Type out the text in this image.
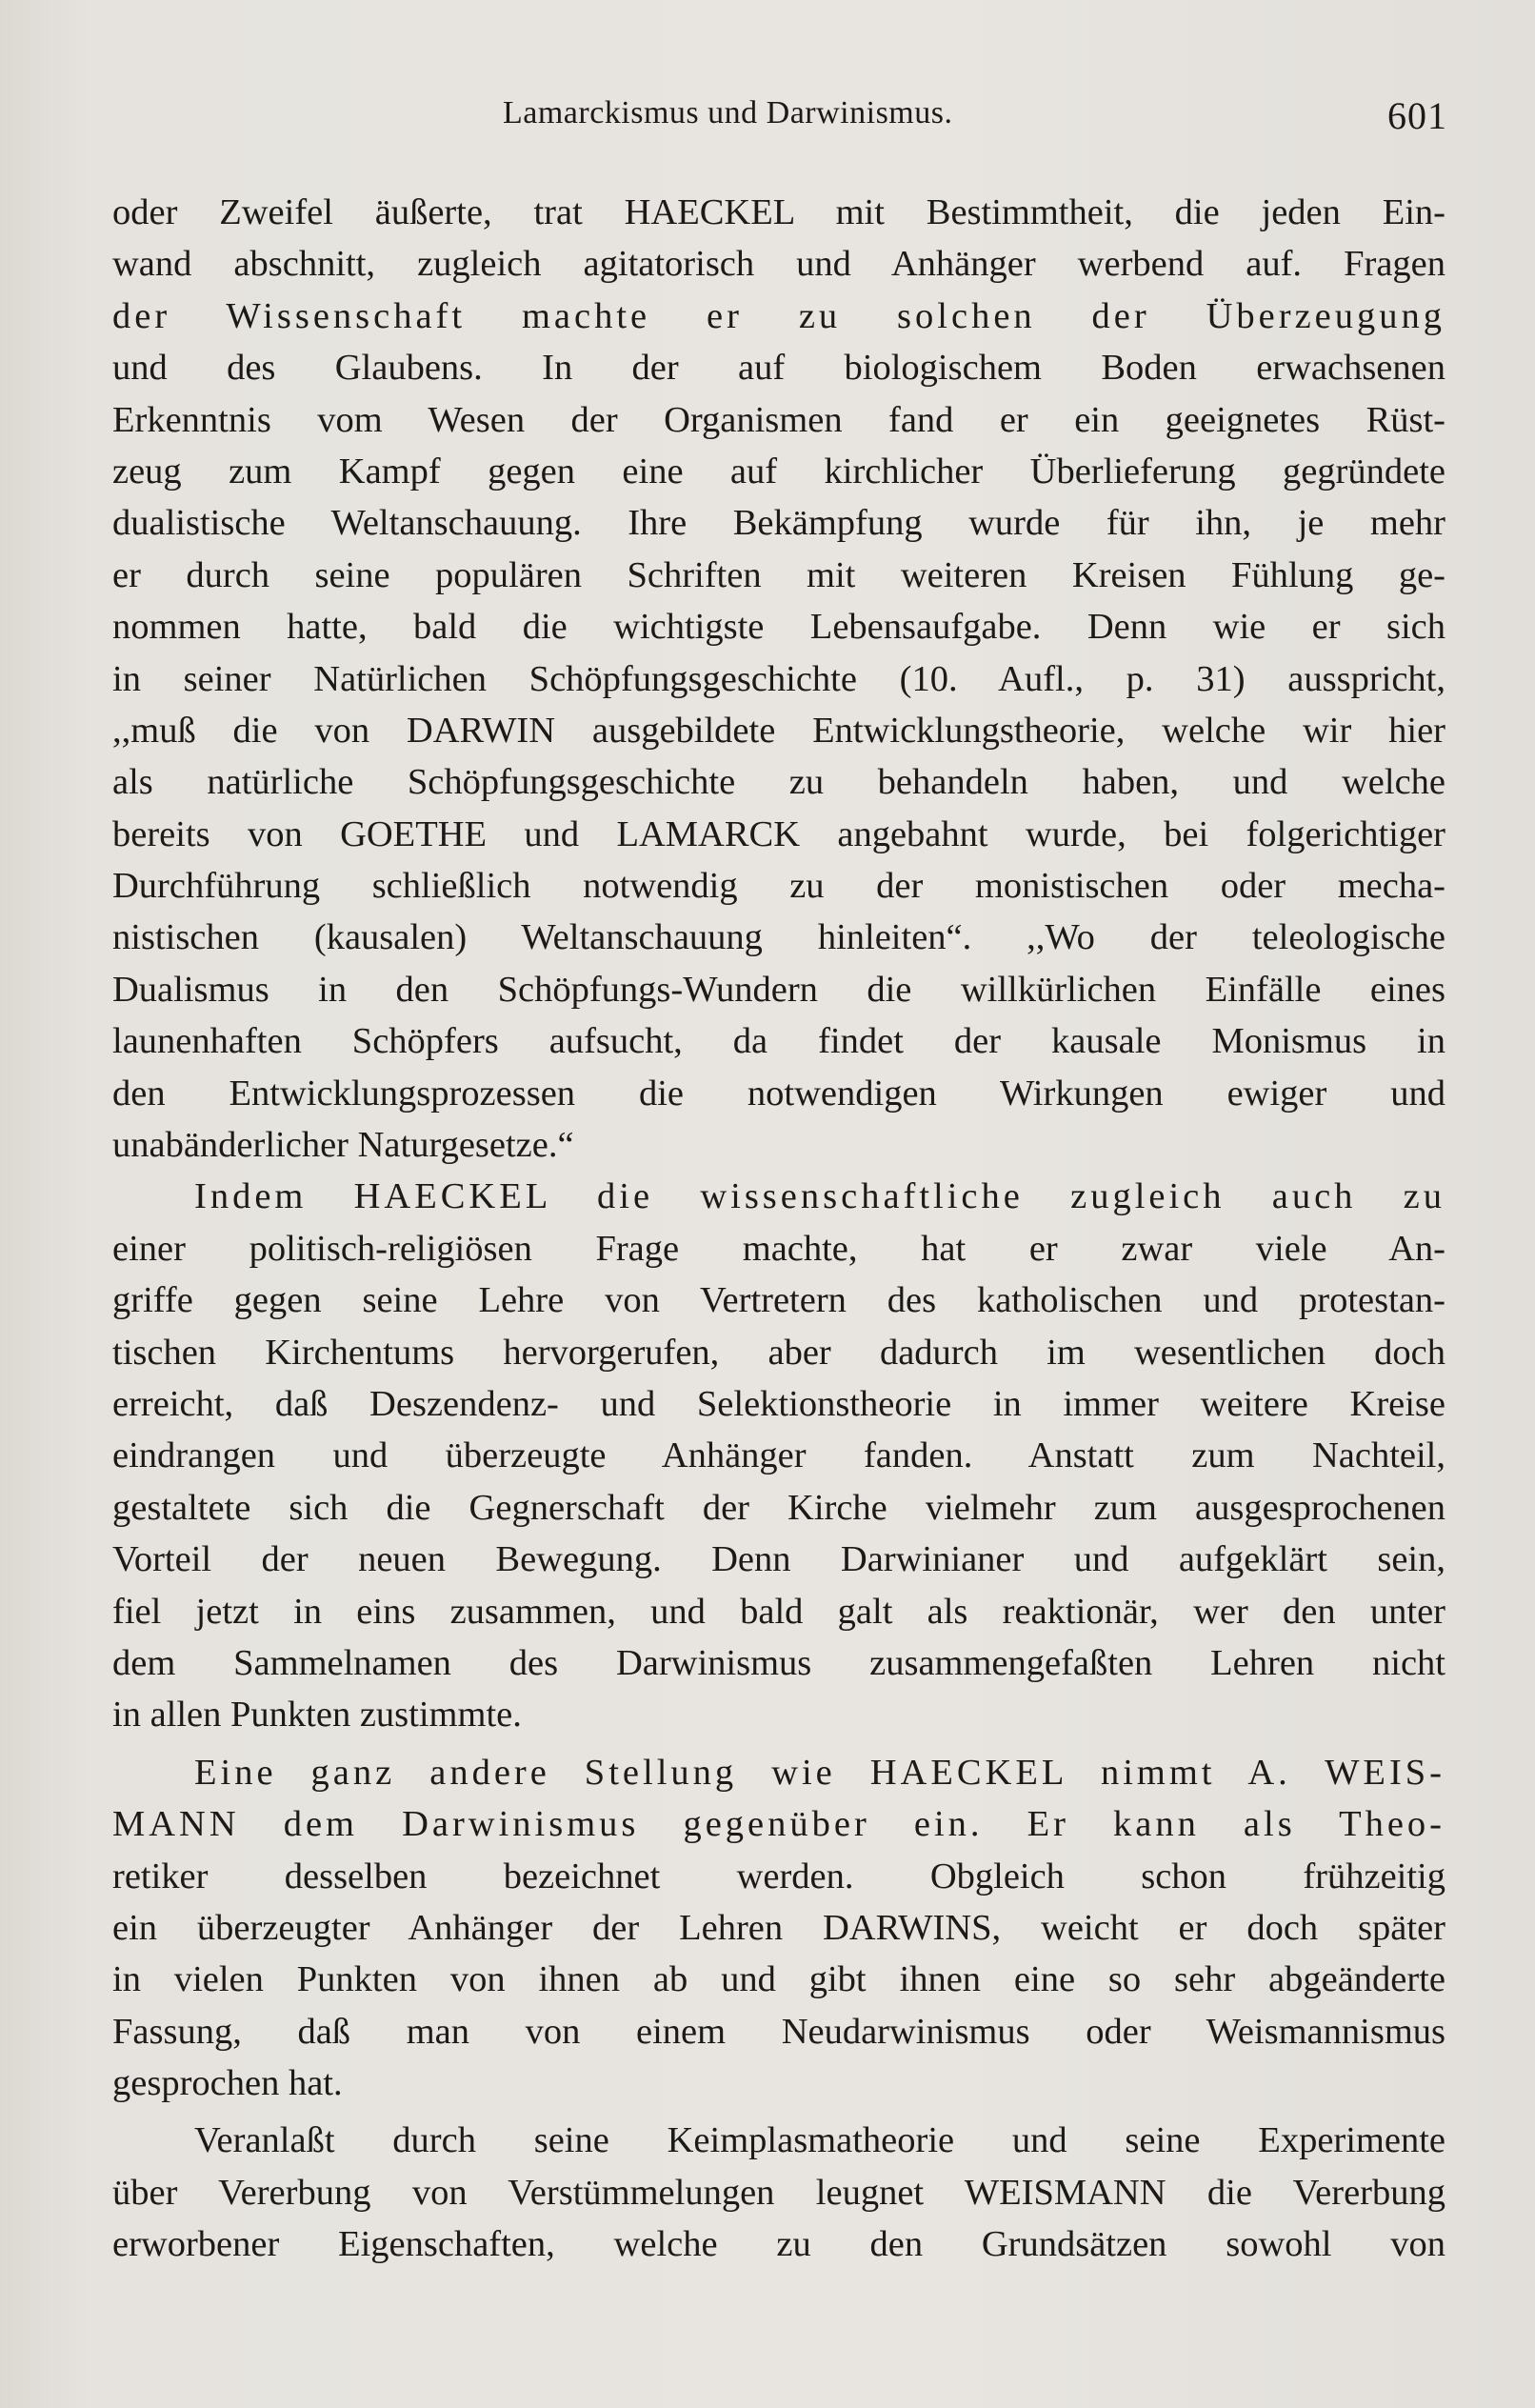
Lamarckismus und Darwinismus.	601
oder Zweifel äußerte, trat HAECKEL mit Bestimmtheit, die jeden Ein-
wand abschnitt, zugleich agitatorisch und Anhänger werbend auf. Fragen
der Wissenschaft machte er zu solchen der Überzeugung
und des Glaubens. In der auf biologischem Boden erwachsenen
Erkenntnis vom Wesen der Organismen fand er ein geeignetes Rüst-
zeug zum Kampf gegen eine auf kirchlicher Überlieferung gegründete
dualistische Weltanschauung. Ihre Bekämpfung wurde für ihn, je mehr
er durch seine populären Schriften mit weiteren Kreisen Fühlung ge-
nommen hatte, bald die wichtigste Lebensaufgabe. Denn wie er sich
in seiner Natürlichen Schöpfungsgeschichte (10. Aufl., p. 31) ausspricht,
,,muß die von DARWIN ausgebildete Entwicklungstheorie, welche wir hier
als natürliche Schöpfungsgeschichte zu behandeln haben, und welche
bereits von GOETHE und LAMARCK angebahnt wurde, bei folgerichtiger
Durchführung schließlich notwendig zu der monistischen oder mecha-
nistischen (kausalen) Weltanschauung hinleiten“. ,,Wo der teleologische
Dualismus in den Schöpfungs-Wundern die willkürlichen Einfälle eines
launenhaften Schöpfers aufsucht, da findet der kausale Monismus in
den Entwicklungsprozessen die notwendigen Wirkungen ewiger und
unabänderlicher Naturgesetze.“
Indem HAECKEL die wissenschaftliche zugleich auch zu
einer politisch-religiösen Frage machte, hat er zwar viele An-
griffe gegen seine Lehre von Vertretern des katholischen und protestan-
tischen Kirchentums hervorgerufen, aber dadurch im wesentlichen doch
erreicht, daß Deszendenz- und Selektionstheorie in immer weitere Kreise
eindrangen und überzeugte Anhänger fanden. Anstatt zum Nachteil,
gestaltete sich die Gegnerschaft der Kirche vielmehr zum ausgesprochenen
Vorteil der neuen Bewegung. Denn Darwinianer und aufgeklärt sein,
fiel jetzt in eins zusammen, und bald galt als reaktionär, wer den unter
dem Sammelnamen des Darwinismus zusammengefaßten Lehren nicht
in allen Punkten zustimmte.
Eine ganz andere Stellung wie HAECKEL nimmt A. WEIS-
MANN dem Darwinismus gegenüber ein. Er kann als Theo-
retiker desselben bezeichnet werden. Obgleich schon frühzeitig
ein überzeugter Anhänger der Lehren DARWINS, weicht er doch später
in vielen Punkten von ihnen ab und gibt ihnen eine so sehr abgeänderte
Fassung, daß man von einem Neudarwinismus oder Weismannismus
gesprochen hat.
Veranlaßt durch seine Keimplasmatheorie und seine Experimente
über Vererbung von Verstümmelungen leugnet WEISMANN die Vererbung
erworbener Eigenschaften, welche zu den Grundsätzen sowohl von
